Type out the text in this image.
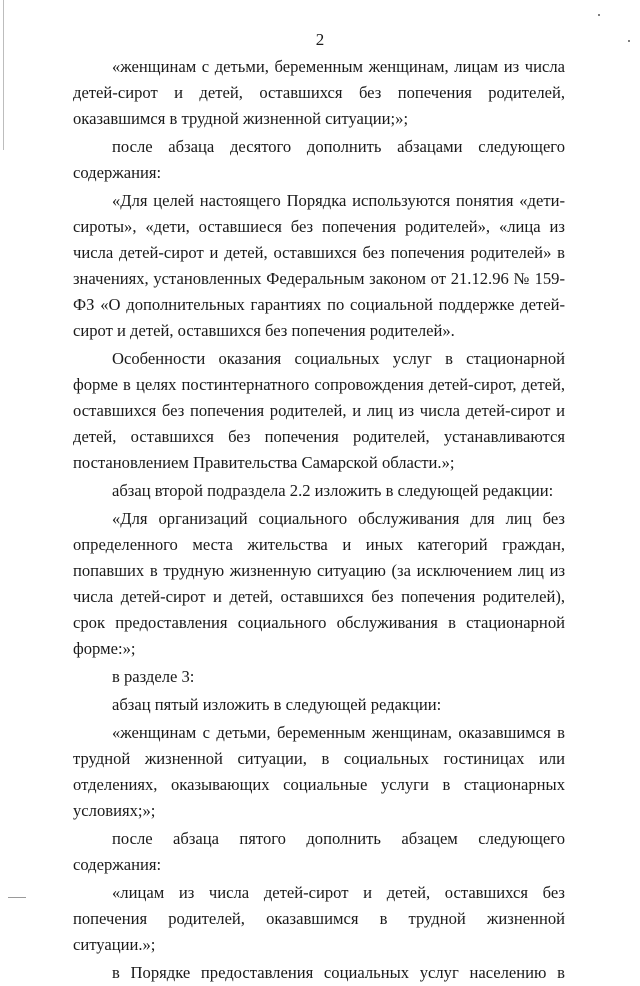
2

«женщинам с детьми, беременным женщинам, лицам из числа детей-сирот и детей, оставшихся без попечения родителей, оказавшимся в трудной жизненной ситуации;»;

после абзаца десятого дополнить абзацами следующего содержания:

«Для целей настоящего Порядка используются понятия «дети-сироты», «дети, оставшиеся без попечения родителей», «лица из числа детей-сирот и детей, оставшихся без попечения родителей» в значениях, установленных Федеральным законом от 21.12.96 № 159-ФЗ «О дополнительных гарантиях по социальной поддержке детей-сирот и детей, оставшихся без попечения родителей».

Особенности оказания социальных услуг в стационарной форме в целях постинтернатного сопровождения детей-сирот, детей, оставшихся без попечения родителей, и лиц из числа детей-сирот и детей, оставшихся без попечения родителей, устанавливаются постановлением Правительства Самарской области.»;

абзац второй подраздела 2.2 изложить в следующей редакции:

«Для организаций социального обслуживания для лиц без определенного места жительства и иных категорий граждан, попавших в трудную жизненную ситуацию (за исключением лиц из числа детей-сирот и детей, оставшихся без попечения родителей), срок предоставления социального обслуживания в стационарной форме:»;

в разделе 3:

абзац пятый изложить в следующей редакции:

«женщинам с детьми, беременным женщинам, оказавшимся в трудной жизненной ситуации, в социальных гостиницах или отделениях, оказывающих социальные услуги в стационарных условиях;»;

после абзаца пятого дополнить абзацем следующего содержания:

«лицам из числа детей-сирот и детей, оставшихся без попечения родителей, оказавшимся в трудной жизненной ситуации.»;

в Порядке предоставления социальных услуг населению в
